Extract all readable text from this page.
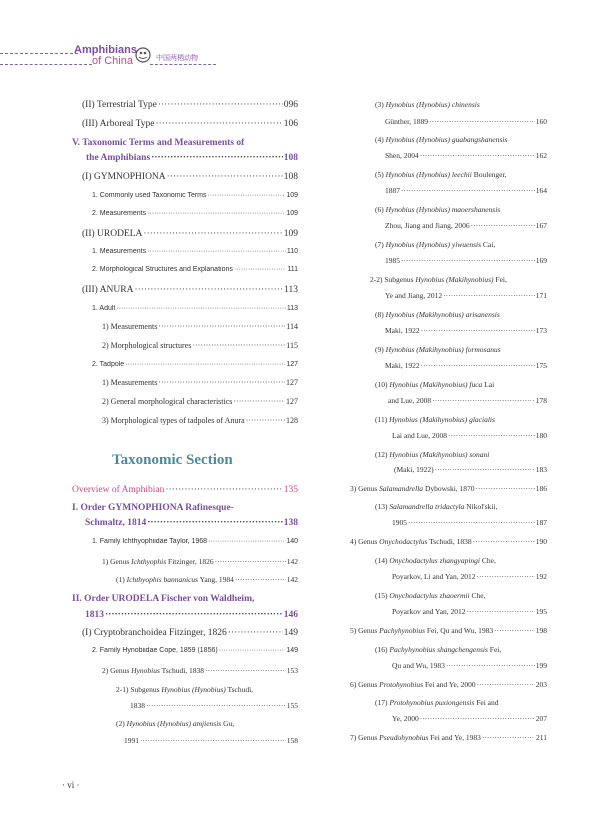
Amphibians
of China	中国两栖动物
(II) Terrestrial Type ·····	096
(III) Arboreal Type ·····	106
V. Taxonomic Terms and Measurements of
the Amphibians ·····	108
(I) GYMNOPHIONA ·····	108
1. Commonly used Taxonomic Terms ·····	109
2. Measurements ·····	109
(II) URODELA ·····	109
1. Measurements ·····	110
2. Morphological Structures and Explanations ·····	111
(III) ANURA ·····	113
1. Adult ·····	113
1) Measurements ·····	114
2) Morphological structures ·····	115
2. Tadpole ·····	127
1) Measurements ·····	127
2) General morphological characteristics ·····	127
3) Morphological types of tadpoles of Anura ·····	128
Overview of Amphibian ·····	135
I. Order GYMNOPHIONA Rafinesque-
Schmaltz, 1814 ·····	138
1. Family Ichthyophiidae Taylor, 1968 ·····	140
1) Genus Ichthyophis Fitzinger, 1826 ·····	142
(1) Ichthyophis bannanicus Yang, 1984 ·····	142
II. Order URODELA Fischer von Waldheim,
1813 ·····	146
(I) Cryptobranchoidea Fitzinger, 1826 ·····	149
2. Family Hynobiidae Cope, 1859 (1856) ·····	149
2) Genus Hynobius Tschudi, 1838 ·····	153
2-1) Subgenus Hynobius (Hynobius) Tschudi,
1838 ·····	155
(2) Hynobius (Hynobius) amjiensis Gu,
1991 ·····	158
(3) Hynobius (Hynobius) chinensis
Günther, 1889 ·····	160
(4) Hynobius (Hynobius) guabangshanensis
Shen, 2004 ·····	162
(5) Hynobius (Hynobius) leechii Boulenger,
1887 ·····	164
(6) Hynobius (Hynobius) maoershanensis
Zhou, Jiang and Jiang, 2006 ·····	167
(7) Hynobius (Hynobius) yiwuensis Cai,
1985 ·····	169
2-2) Subgenus Hynobius (Makihynobius) Fei,
Ye and Jiang, 2012 ·····	171
(8) Hynobius (Makihynobius) arisanensis
Maki, 1922 ·····	173
(9) Hynobius (Makihynobius) formosanus
Maki, 1922 ·····	175
(10) Hynobius (Makihynobius) fuca Lai
and Lue, 2008 ·····	178
(11) Hynobius (Makihynobius) glacialis
Lai and Lue, 2008 ·····	180
(12) Hynobius (Makihynobius) sonani
(Maki, 1922) ·····	183
3) Genus Salamandrella Dybowski, 1870 ·····	186
(13) Salamandrella tridactyla Nikol'skii,
1905 ·····	187
4) Genus Onychodactylus Tschudi, 1838 ·····	190
(14) Onychodactylus zhangyapingi Che,
Poyarkov, Li and Yan, 2012 ·····	192
(15) Onychodactylus zhaoermii Che,
Poyarkov and Yan, 2012 ·····	195
5) Genus Pachyhynobius Fei, Qu and Wu, 1983 ·····	198
(16) Pachyhynobius shangchengensis Fei,
Qu and Wu, 1983 ·····	199
6) Genus Protohynobius Fei and Ye, 2000 ·····	203
(17) Protohynobius puxiongensis Fei and
Ye, 2000 ·····	207
7) Genus Pseudohynobius Fei and Ye, 1983 ·····	211
Taxonomic Section
· vi ·
